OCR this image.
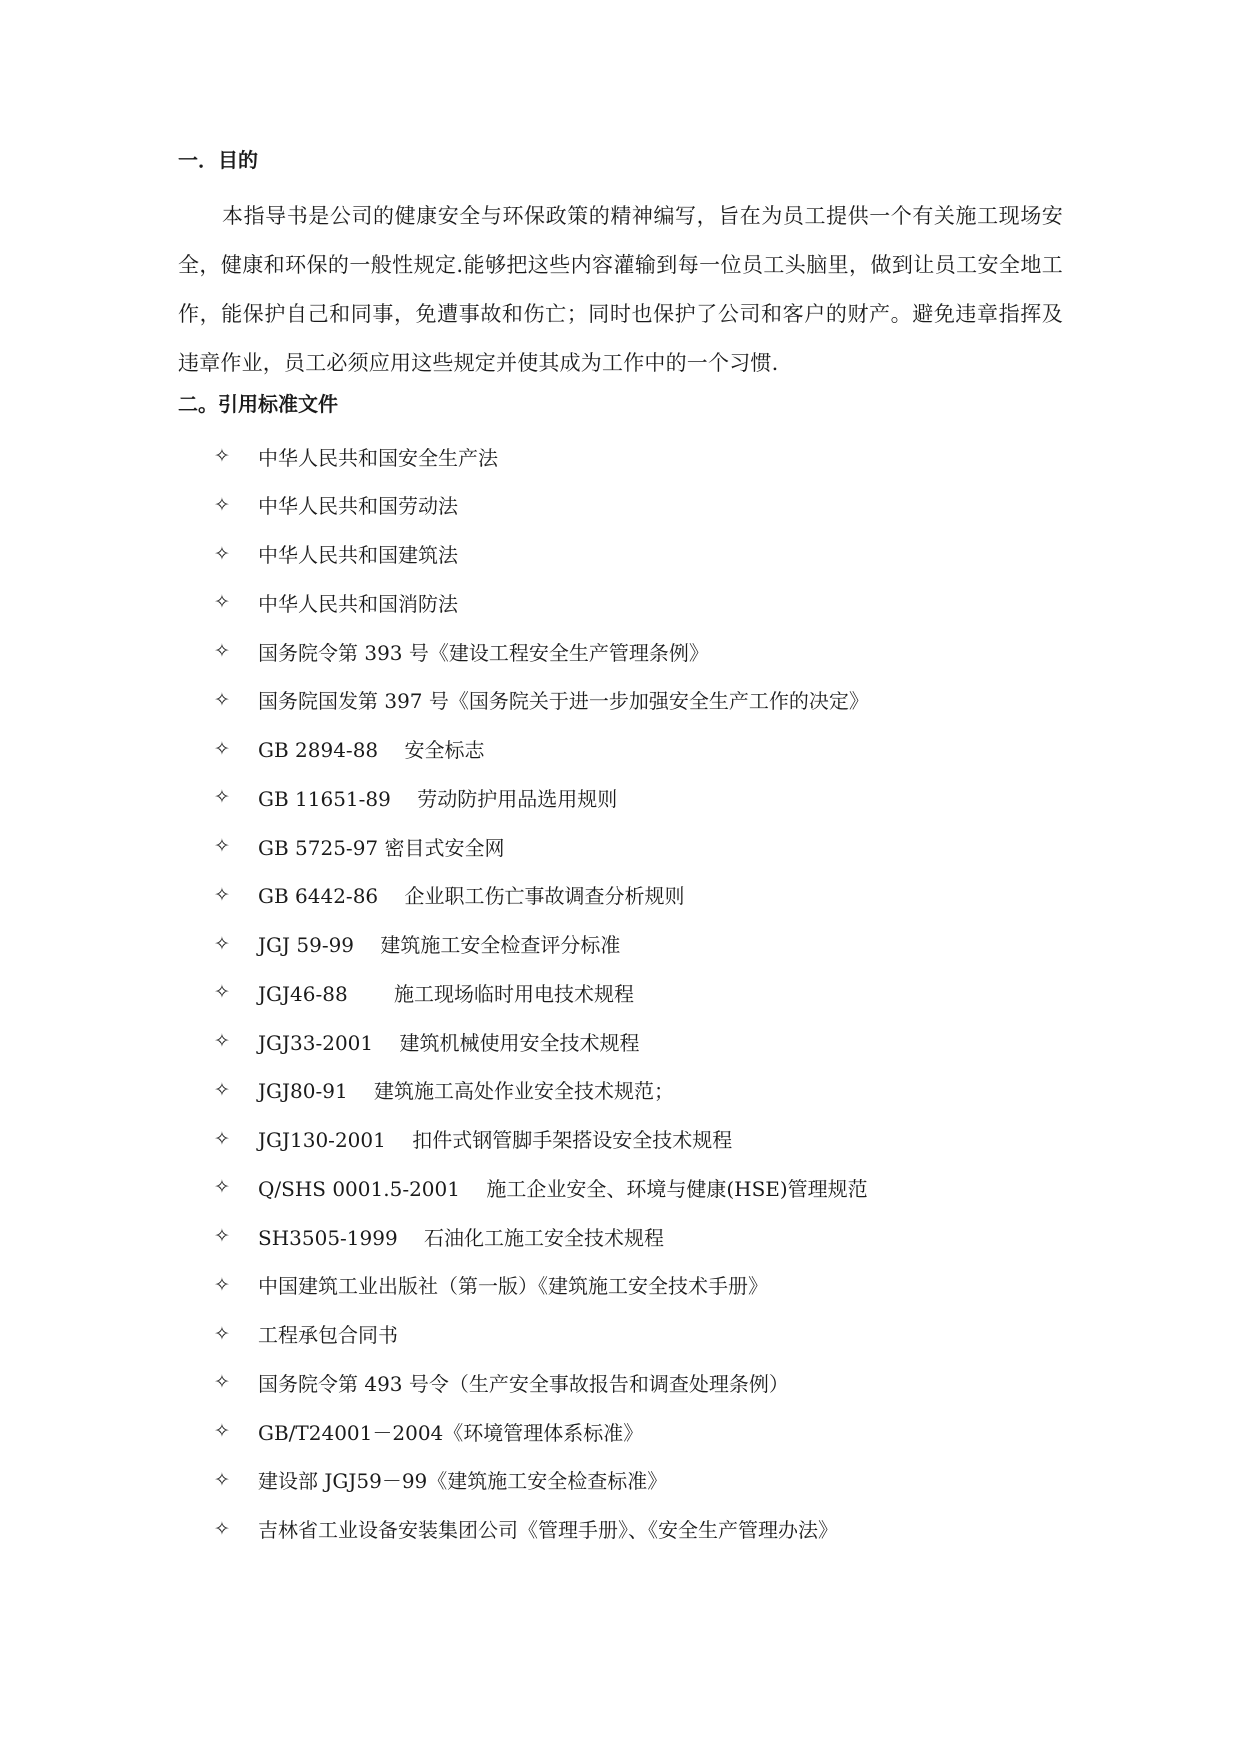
一．目的

本指导书是公司的健康安全与环保政策的精神编写，旨在为员工提供一个有关施工现场安全，健康和环保的一般性规定.能够把这些内容灌输到每一位员工头脑里，做到让员工安全地工作，能保护自己和同事，免遭事故和伤亡；同时也保护了公司和客户的财产。避免违章指挥及违章作业，员工必须应用这些规定并使其成为工作中的一个习惯.

二。引用标准文件
✧	中华人民共和国安全生产法
✧	中华人民共和国劳动法
✧	中华人民共和国建筑法
✧	中华人民共和国消防法
✧	国务院令第 393 号《建设工程安全生产管理条例》
✧	国务院国发第 397 号《国务院关于进一步加强安全生产工作的决定》
✧	GB 2894-88　 安全标志
✧	GB 11651-89　 劳动防护用品选用规则
✧	GB 5725-97 密目式安全网
✧	GB 6442-86　 企业职工伤亡事故调查分析规则
✧	JGJ 59-99　 建筑施工安全检查评分标准
✧	JGJ46-88　　 施工现场临时用电技术规程
✧	JGJ33-2001　 建筑机械使用安全技术规程
✧	JGJ80-91　 建筑施工高处作业安全技术规范；
✧	JGJ130-2001　 扣件式钢管脚手架搭设安全技术规程
✧	Q/SHS 0001.5-2001　 施工企业安全、环境与健康(HSE)管理规范
✧	SH3505-1999　 石油化工施工安全技术规程
✧	中国建筑工业出版社（第一版）《建筑施工安全技术手册》
✧	工程承包合同书
✧	国务院令第 493 号令（生产安全事故报告和调查处理条例）
✧	GB/T24001－2004《环境管理体系标准》
✧	建设部 JGJ59－99《建筑施工安全检查标准》
✧	吉林省工业设备安装集团公司《管理手册》、《安全生产管理办法》
